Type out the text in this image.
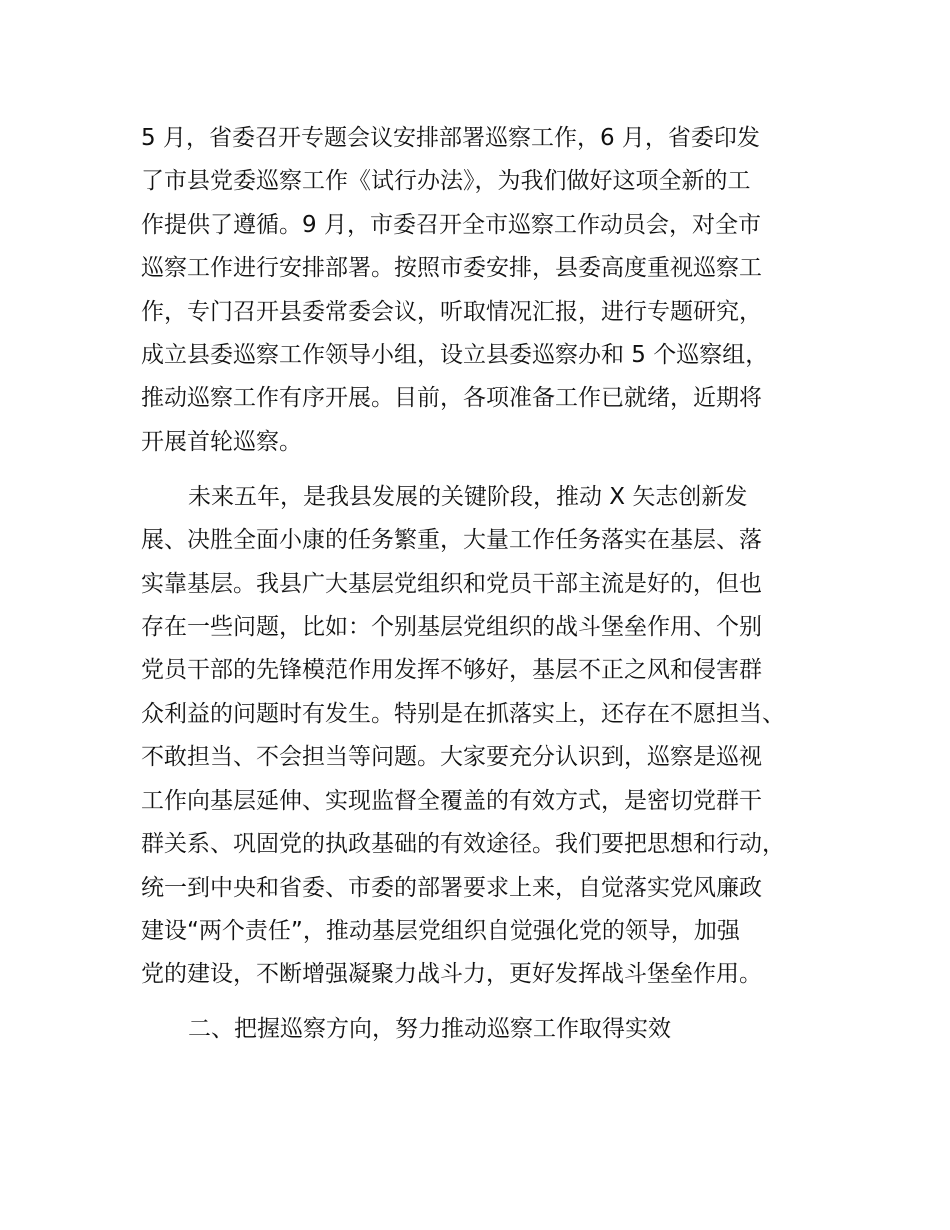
5 月，省委召开专题会议安排部署巡察工作，6 月，省委印发
了市县党委巡察工作《试行办法》，为我们做好这项全新的工
作提供了遵循。9 月，市委召开全市巡察工作动员会，对全市
巡察工作进行安排部署。按照市委安排，县委高度重视巡察工
作，专门召开县委常委会议，听取情况汇报，进行专题研究，
成立县委巡察工作领导小组，设立县委巡察办和 5 个巡察组，
推动巡察工作有序开展。目前，各项准备工作已就绪，近期将
开展首轮巡察。
未来五年，是我县发展的关键阶段，推动 X 矢志创新发
展、决胜全面小康的任务繁重，大量工作任务落实在基层、落
实靠基层。我县广大基层党组织和党员干部主流是好的，但也
存在一些问题，比如：个别基层党组织的战斗堡垒作用、个别
党员干部的先锋模范作用发挥不够好，基层不正之风和侵害群
众利益的问题时有发生。特别是在抓落实上，还存在不愿担当、
不敢担当、不会担当等问题。大家要充分认识到，巡察是巡视
工作向基层延伸、实现监督全覆盖的有效方式，是密切党群干
群关系、巩固党的执政基础的有效途径。我们要把思想和行动，
统一到中央和省委、市委的部署要求上来，自觉落实党风廉政
建设“两个责任”，推动基层党组织自觉强化党的领导，加强
党的建设，不断增强凝聚力战斗力，更好发挥战斗堡垒作用。
二、把握巡察方向，努力推动巡察工作取得实效
